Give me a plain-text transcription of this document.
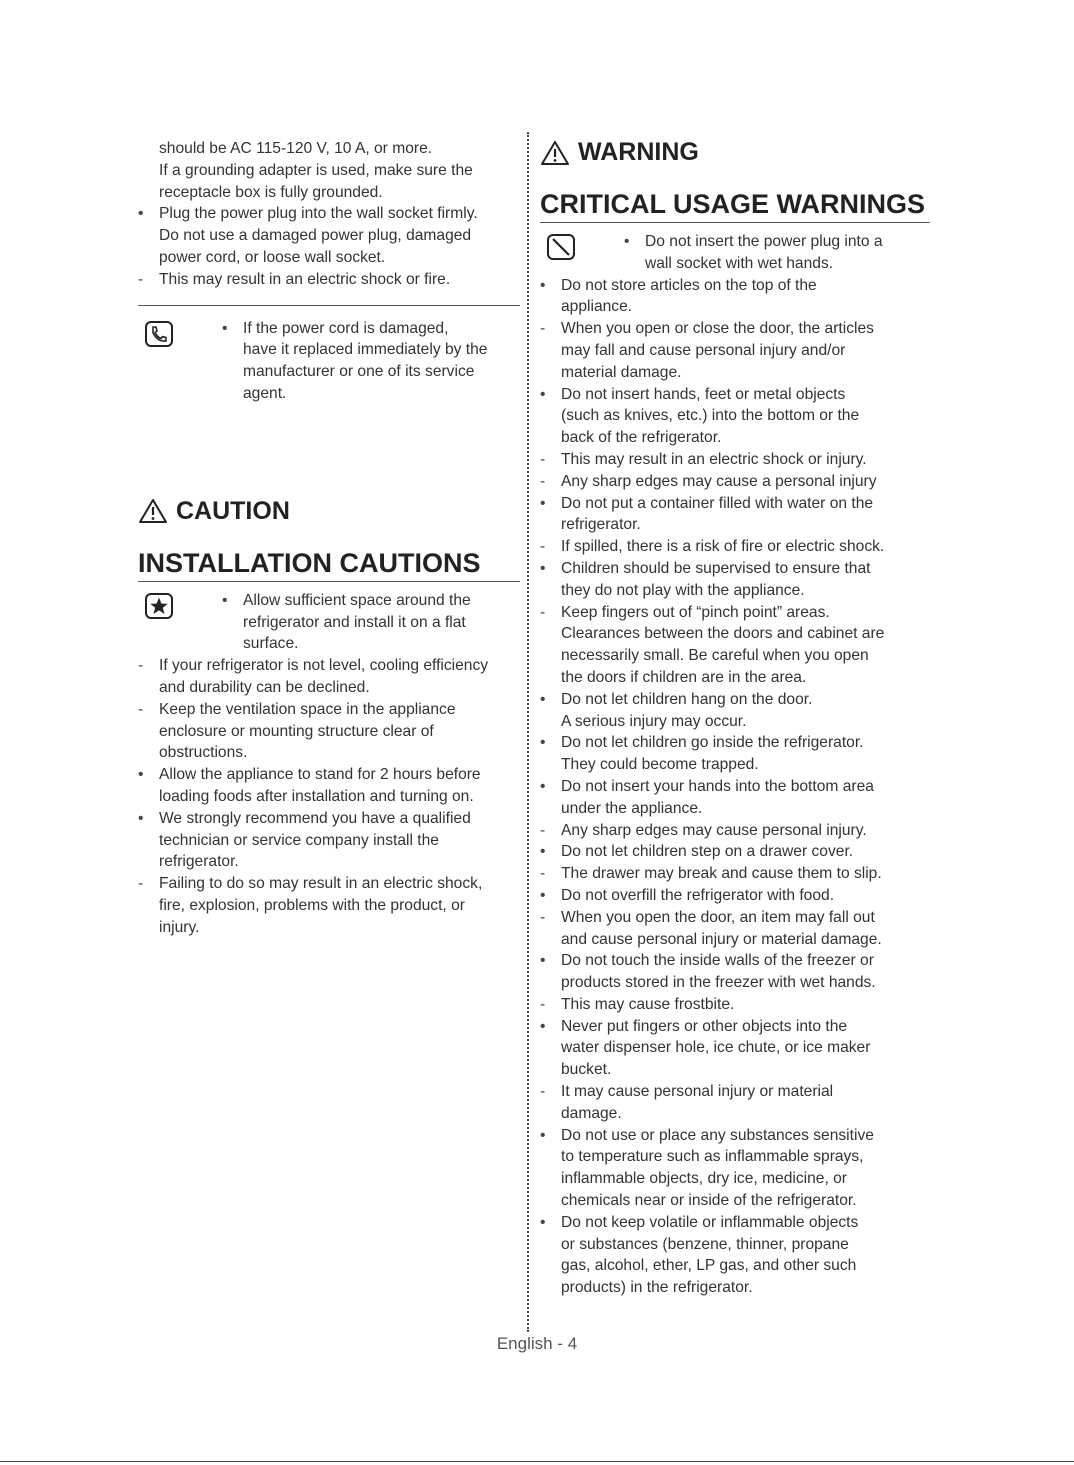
should be AC 115-120 V, 10 A, or more.
If a grounding adapter is used, make sure the
receptacle box is fully grounded.
• Plug the power plug into the wall socket firmly.
Do not use a damaged power plug, damaged
power cord, or loose wall socket.
- This may result in an electric shock or fire.
• If the power cord is damaged,
have it replaced immediately by the
manufacturer or one of its service
agent.
CAUTION
INSTALLATION CAUTIONS
• Allow sufficient space around the
refrigerator and install it on a flat
surface.
- If your refrigerator is not level, cooling efficiency
and durability can be declined.
- Keep the ventilation space in the appliance
enclosure or mounting structure clear of
obstructions.
• Allow the appliance to stand for 2 hours before
loading foods after installation and turning on.
• We strongly recommend you have a qualified
technician or service company install the
refrigerator.
- Failing to do so may result in an electric shock,
fire, explosion, problems with the product, or
injury.
WARNING
CRITICAL USAGE WARNINGS
• Do not insert the power plug into a
wall socket with wet hands.
• Do not store articles on the top of the
appliance.
- When you open or close the door, the articles
may fall and cause personal injury and/or
material damage.
• Do not insert hands, feet or metal objects
(such as knives, etc.) into the bottom or the
back of the refrigerator.
- This may result in an electric shock or injury.
- Any sharp edges may cause a personal injury
• Do not put a container filled with water on the
refrigerator.
- If spilled, there is a risk of fire or electric shock.
• Children should be supervised to ensure that
they do not play with the appliance.
- Keep fingers out of “pinch point” areas.
Clearances between the doors and cabinet are
necessarily small. Be careful when you open
the doors if children are in the area.
• Do not let children hang on the door.
A serious injury may occur.
• Do not let children go inside the refrigerator.
They could become trapped.
• Do not insert your hands into the bottom area
under the appliance.
- Any sharp edges may cause personal injury.
• Do not let children step on a drawer cover.
- The drawer may break and cause them to slip.
• Do not overfill the refrigerator with food.
- When you open the door, an item may fall out
and cause personal injury or material damage.
• Do not touch the inside walls of the freezer or
products stored in the freezer with wet hands.
- This may cause frostbite.
• Never put fingers or other objects into the
water dispenser hole, ice chute, or ice maker
bucket.
- It may cause personal injury or material
damage.
• Do not use or place any substances sensitive
to temperature such as inflammable sprays,
inflammable objects, dry ice, medicine, or
chemicals near or inside of the refrigerator.
• Do not keep volatile or inflammable objects
or substances (benzene, thinner, propane
gas, alcohol, ether, LP gas, and other such
products) in the refrigerator.
English - 4
